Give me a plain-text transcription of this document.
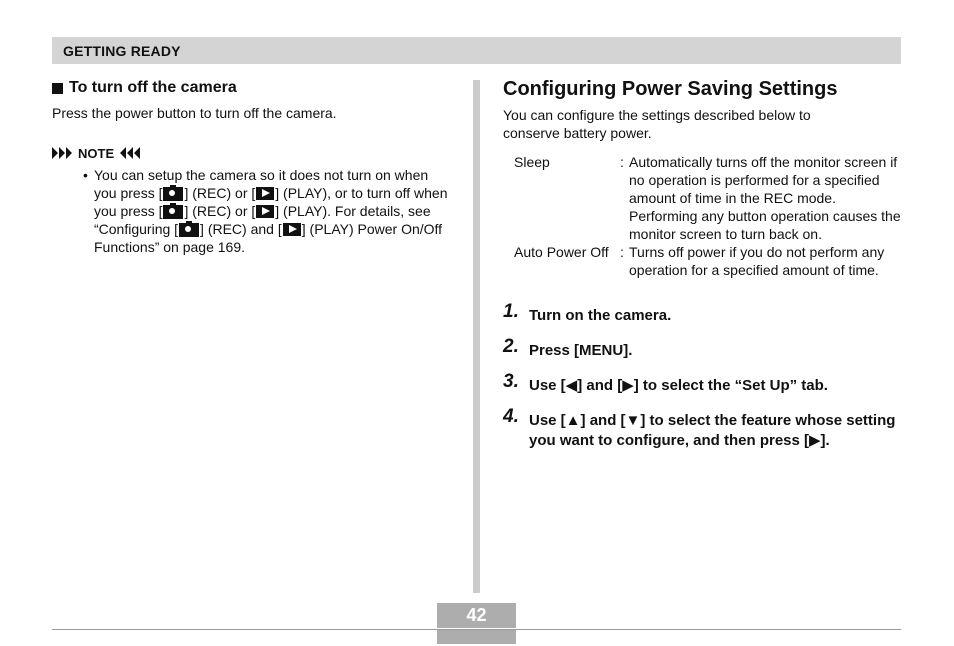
GETTING READY
To turn off the camera
Press the power button to turn off the camera.
NOTE
• You can setup the camera so it does not turn on when you press [ ] (REC) or [ ] (PLAY), or to turn off when you press [ ] (REC) or [ ] (PLAY). For details, see “Configuring [ ] (REC) and [ ] (PLAY) Power On/Off Functions” on page 169.
Configuring Power Saving Settings
You can configure the settings described below to conserve battery power.
Sleep	: Automatically turns off the monitor screen if no operation is performed for a specified amount of time in the REC mode. Performing any button operation causes the monitor screen to turn back on.
Auto Power Off : Turns off power if you do not perform any operation for a specified amount of time.
1. Turn on the camera.
2. Press [MENU].
3. Use [◀] and [▶] to select the “Set Up” tab.
4. Use [▲] and [▼] to select the feature whose setting you want to configure, and then press [▶].
42
